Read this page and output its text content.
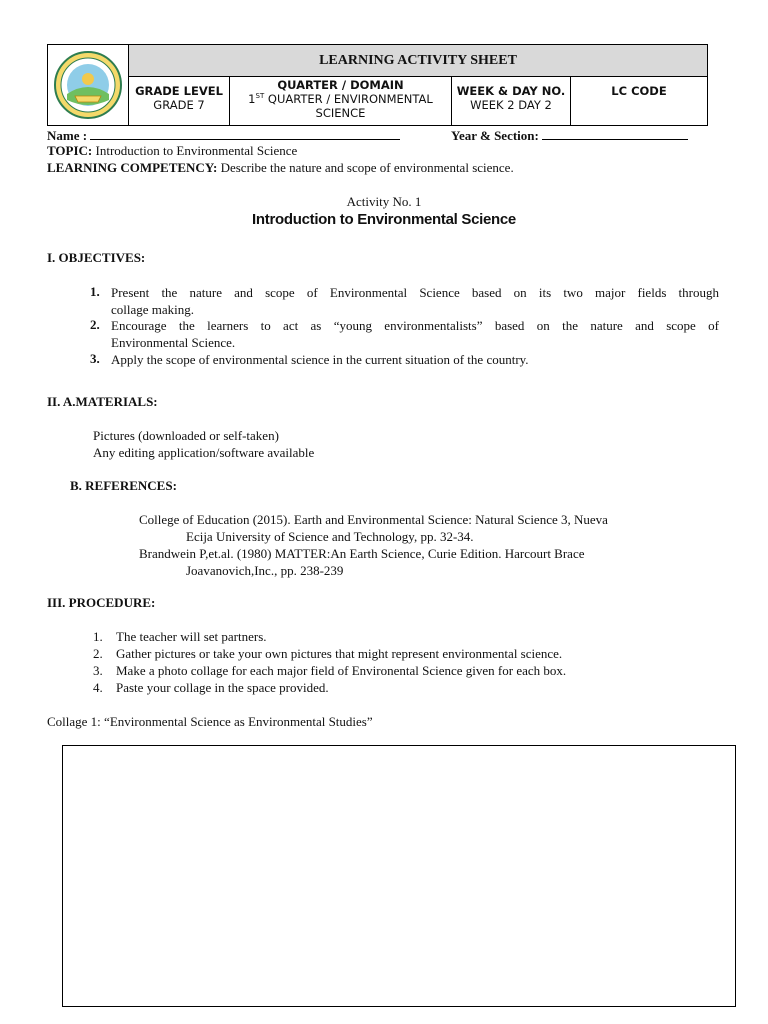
LEARNING ACTIVITY SHEET
GRADE LEVEL
GRADE 7
QUARTER / DOMAIN
1ST QUARTER / ENVIRONMENTAL
SCIENCE
WEEK & DAY NO.
WEEK 2 DAY 2
LC CODE
Name :	Year & Section:
TOPIC: Introduction to Environmental Science
LEARNING COMPETENCY: Describe the nature and scope of environmental science.
Activity No. 1
Introduction to Environmental Science
I. OBJECTIVES:
1. Present the nature and scope of Environmental Science based on its two major fields through
collage making.
2. Encourage the learners to act as “young environmentalists” based on the nature and scope of
Environmental Science.
3. Apply the scope of environmental science in the current situation of the country.
II. A.MATERIALS:
Pictures (downloaded or self-taken)
Any editing application/software available
B. REFERENCES:
College of Education (2015). Earth and Environmental Science: Natural Science 3, Nueva
Ecija University of Science and Technology, pp. 32-34.
Brandwein P,et.al. (1980) MATTER:An Earth Science, Curie Edition. Harcourt Brace
Joavanovich,Inc., pp. 238-239
III. PROCEDURE:
1. The teacher will set partners.
2. Gather pictures or take your own pictures that might represent environmental science.
3. Make a photo collage for each major field of Environental Science given for each box.
4. Paste your collage in the space provided.
Collage 1: “Environmental Science as Environmental Studies”
